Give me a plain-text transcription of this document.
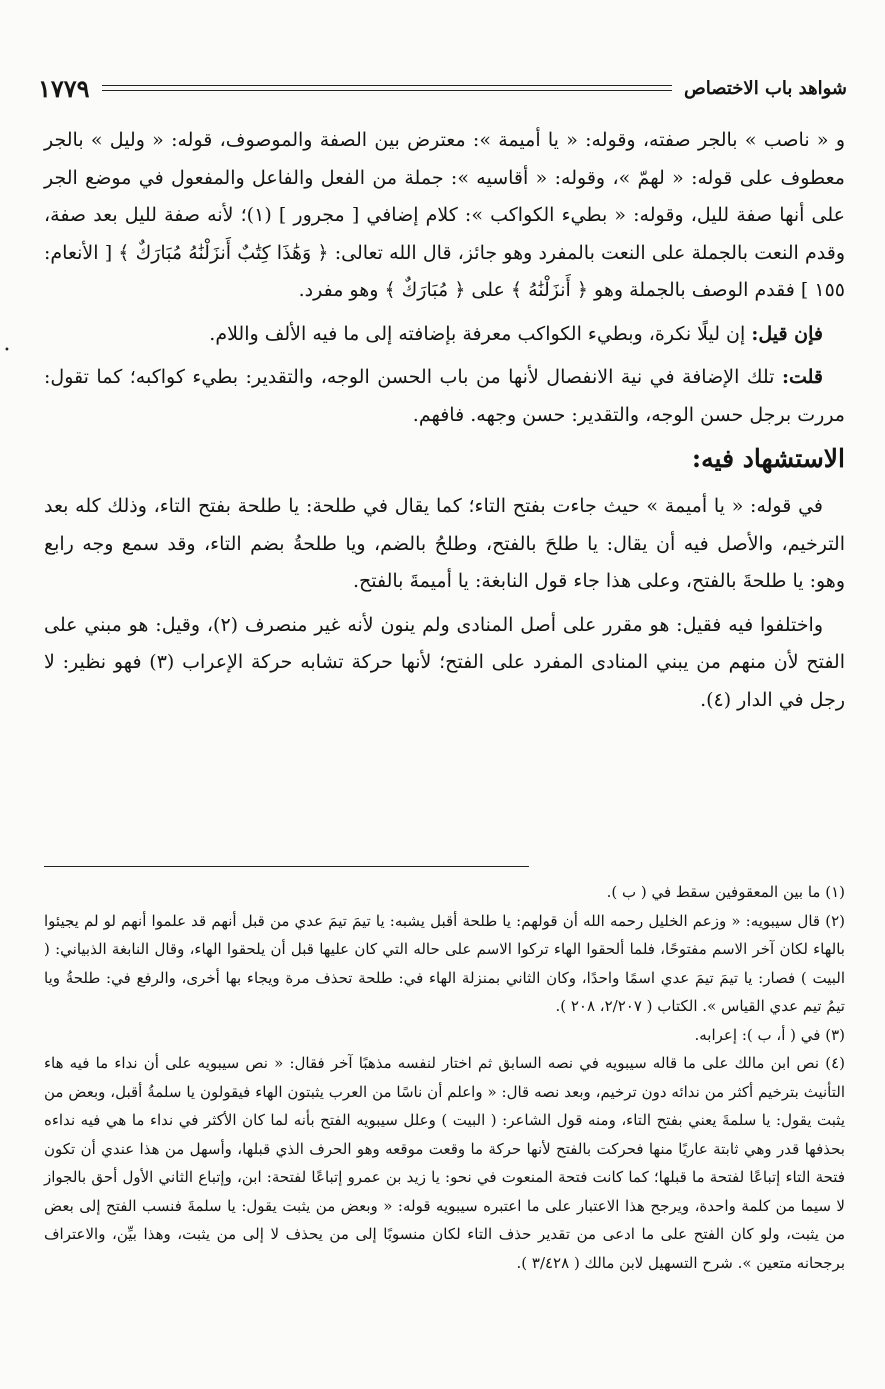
شواهد باب الاختصاص
١٧٧٩

و « ناصب » بالجر صفته، وقوله: « يا أميمة »: معترض بين الصفة والموصوف، قوله: « وليل » بالجر معطوف على قوله: « لهمّ »، وقوله: « أقاسيه »: جملة من الفعل والفاعل والمفعول في موضع الجر على أنها صفة لليل، وقوله: « بطيء الكواكب »: كلام إضافي [ مجرور ] (١)؛ لأنه صفة لليل بعد صفة، وقدم النعت بالجملة على النعت بالمفرد وهو جائز، قال الله تعالى: ﴿ وَهَٰذَا كِتَٰبٌ أَنزَلْنَٰهُ مُبَارَكٌ ﴾ [ الأنعام: ١٥٥ ] فقدم الوصف بالجملة وهو ﴿ أَنزَلْنَٰهُ ﴾ على ﴿ مُبَارَكٌ ﴾ وهو مفرد.

فإن قيل: إن ليلًا نكرة، وبطيء الكواكب معرفة بإضافته إلى ما فيه الألف واللام.

قلت: تلك الإضافة في نية الانفصال لأنها من باب الحسن الوجه، والتقدير: بطيء كواكبه؛ كما تقول: مررت برجل حسن الوجه، والتقدير: حسن وجهه. فافهم.

الاستشهاد فيه:

في قوله: « يا أميمة » حيث جاءت بفتح التاء؛ كما يقال في طلحة: يا طلحة بفتح التاء، وذلك كله بعد الترخيم، والأصل فيه أن يقال: يا طلحَ بالفتح، وطلحُ بالضم، ويا طلحةُ بضم التاء، وقد سمع وجه رابع وهو: يا طلحةَ بالفتح، وعلى هذا جاء قول النابغة: يا أميمةَ بالفتح.

واختلفوا فيه فقيل: هو مقرر على أصل المنادى ولم ينون لأنه غير منصرف (٢)، وقيل: هو مبني على الفتح لأن منهم من يبني المنادى المفرد على الفتح؛ لأنها حركة تشابه حركة الإعراب (٣) فهو نظير: لا رجل في الدار (٤).

(١) ما بين المعقوفين سقط في ( ب ).

(٢) قال سيبويه: « وزعم الخليل رحمه الله أن قولهم: يا طلحة أقبل يشبه: يا تيمَ تيمَ عدي من قبل أنهم قد علموا أنهم لو لم يجيئوا بالهاء لكان آخر الاسم مفتوحًا، فلما ألحقوا الهاء تركوا الاسم على حاله التي كان عليها قبل أن يلحقوا الهاء، وقال النابغة الذبياني: ( البيت ) فصار: يا تيمَ تيمَ عدي اسمًا واحدًا، وكان الثاني بمنزلة الهاء في: طلحة تحذف مرة ويجاء بها أخرى، والرفع في: طلحةُ ويا تيمُ تيم عدي القياس ». الكتاب ( ٢/٢٠٧، ٢٠٨ ).

(٣) في ( أ، ب ): إعرابه.

(٤) نص ابن مالك على ما قاله سيبويه في نصه السابق ثم اختار لنفسه مذهبًا آخر فقال: « نص سيبويه على أن نداء ما فيه هاء التأنيث بترخيم أكثر من ندائه دون ترخيم، وبعد نصه قال: « واعلم أن ناسًا من العرب يثبتون الهاء فيقولون يا سلمةُ أقبل، وبعض من يثبت يقول: يا سلمةَ يعني بفتح التاء، ومنه قول الشاعر: ( البيت ) وعلل سيبويه الفتح بأنه لما كان الأكثر في نداء ما هي فيه نداءه بحذفها قدر وهي ثابتة عاريًا منها فحركت بالفتح لأنها حركة ما وقعت موقعه وهو الحرف الذي قبلها، وأسهل من هذا عندي أن تكون فتحة التاء إتباعًا لفتحة ما قبلها؛ كما كانت فتحة المنعوت في نحو: يا زيد بن عمرو إتباعًا لفتحة: ابن، وإتباع الثاني الأول أحق بالجواز لا سيما من كلمة واحدة، ويرجح هذا الاعتبار على ما اعتبره سيبويه قوله: « وبعض من يثبت يقول: يا سلمةَ فنسب الفتح إلى بعض من يثبت، ولو كان الفتح على ما ادعى من تقدير حذف التاء لكان منسوبًا إلى من يحذف لا إلى من يثبت، وهذا بيِّن، والاعتراف برجحانه متعين ». شرح التسهيل لابن مالك ( ٣/٤٢٨ ).

•
